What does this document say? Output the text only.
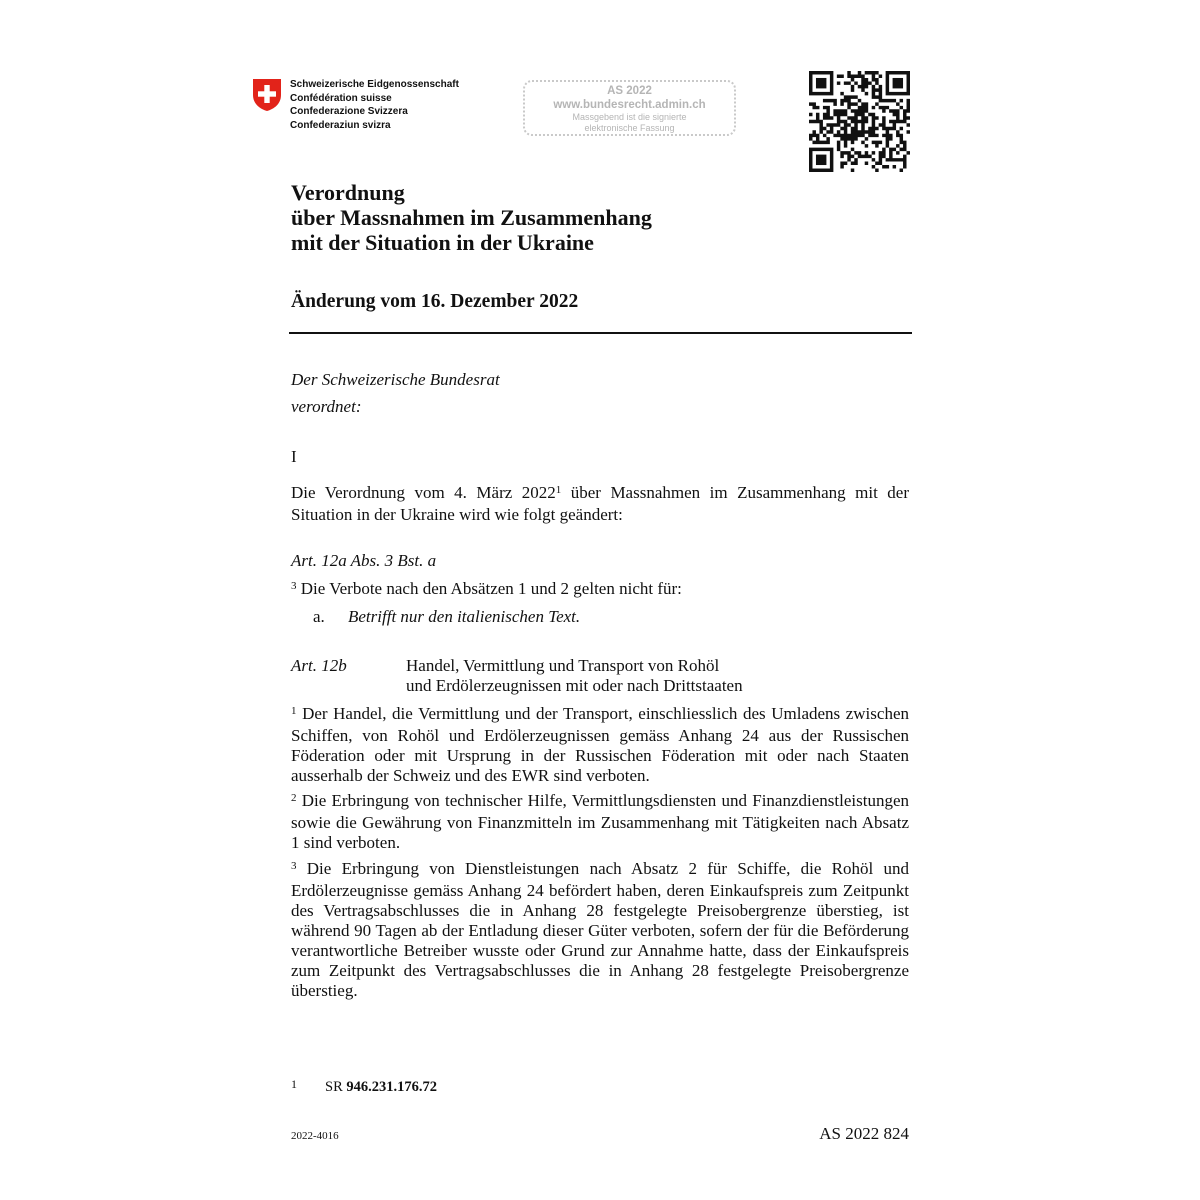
Schweizerische Eidgenossenschaft
Confédération suisse
Confederazione Svizzera
Confederaziun svizra
AS 2022
www.bundesrecht.admin.ch
Massgebend ist die signierte
elektronische Fassung
Verordnung
über Massnahmen im Zusammenhang
mit der Situation in der Ukraine
Änderung vom 16. Dezember 2022
Der Schweizerische Bundesrat
verordnet:
I
Die Verordnung vom 4. März 2022$^1$ über Massnahmen im Zusammenhang mit der Situation in der Ukraine wird wie folgt geändert:
Art. 12a Abs. 3 Bst. a
$^3$ Die Verbote nach den Absätzen 1 und 2 gelten nicht für:
a. Betrifft nur den italienischen Text.
Art. 12b	Handel, Vermittlung und Transport von Rohöl
und Erdölerzeugnissen mit oder nach Drittstaaten
$^1$ Der Handel, die Vermittlung und der Transport, einschliesslich des Umladens zwischen Schiffen, von Rohöl und Erdölerzeugnissen gemäss Anhang 24 aus der Russischen Föderation oder mit Ursprung in der Russischen Föderation mit oder nach Staaten ausserhalb der Schweiz und des EWR sind verboten.
$^2$ Die Erbringung von technischer Hilfe, Vermittlungsdiensten und Finanzdienstleistungen sowie die Gewährung von Finanzmitteln im Zusammenhang mit Tätigkeiten nach Absatz 1 sind verboten.
$^3$ Die Erbringung von Dienstleistungen nach Absatz 2 für Schiffe, die Rohöl und Erdölerzeugnisse gemäss Anhang 24 befördert haben, deren Einkaufspreis zum Zeitpunkt des Vertragsabschlusses die in Anhang 28 festgelegte Preisobergrenze überstieg, ist während 90 Tagen ab der Entladung dieser Güter verboten, sofern der für die Beförderung verantwortliche Betreiber wusste oder Grund zur Annahme hatte, dass der Einkaufspreis zum Zeitpunkt des Vertragsabschlusses die in Anhang 28 festgelegte Preisobergrenze überstieg.
1 SR 946.231.176.72
2022-4016	AS 2022 824
